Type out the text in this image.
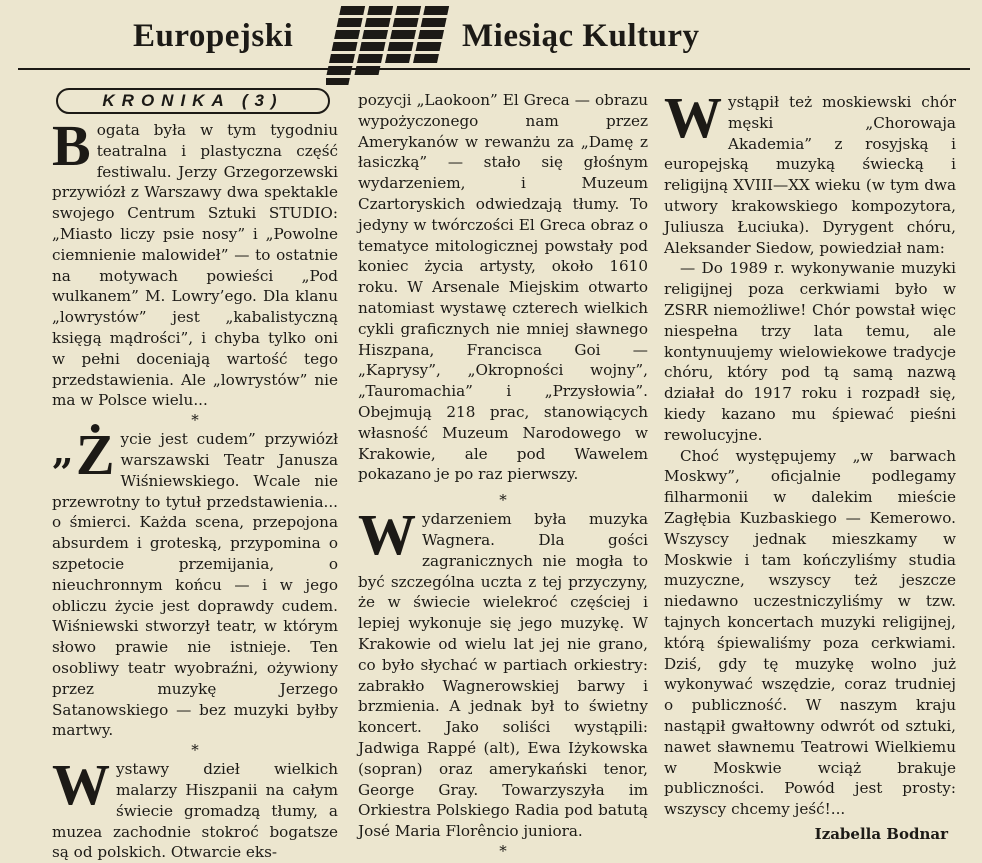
Europejski	Miesiąc Kultury
KRONIKA (3)

Bogata była w tym tygodniu teatralna i plastyczna część festiwalu. Jerzy Grzegorzewski przywiózł z Warszawy dwa spektakle swojego Centrum Sztuki STUDIO: „Miasto liczy psie nosy” i „Powolne ciemnienie malowideł” — to ostatnie na motywach powieści „Pod wulkanem” M. Lowry’ego. Dla klanu „lowrystów” jest „kabalistyczną księgą mądrości”, i chyba tylko oni w pełni doceniają wartość tego przedstawienia. Ale „lowrystów” nie ma w Polsce wielu...

*

„ Ż ycie jest cudem” przywiózł warszawski Teatr Janusza Wiśniewskiego. Wcale nie przewrotny to tytuł przedstawienia... o śmierci. Każda scena, przepojona absurdem i groteską, przypomina o szpetocie przemijania, o nieuchronnym końcu — i w jego obliczu życie jest doprawdy cudem. Wiśniewski stworzył teatr, w którym słowo prawie nie istnieje. Ten osobliwy teatr wyobraźni, ożywiony przez muzykę Jerzego Satanowskiego — bez muzyki byłby martwy.

*

Wystawy dzieł wielkich malarzy Hiszpanii na całym świecie gromadzą tłumy, a muzea zachodnie stokroć bogatsze są od polskich. Otwarcie eks-

pozycji „Laokoon” El Greca — obrazu wypożyczonego nam przez Amerykanów w rewanżu za „Damę z łasiczką” — stało się głośnym wydarzeniem, i Muzeum Czartoryskich odwiedzają tłumy. To jedyny w twórczości El Greca obraz o tematyce mitologicznej powstały pod koniec życia artysty, około 1610 roku. W Arsenale Miejskim otwarto natomiast wystawę czterech wielkich cykli graficznych nie mniej sławnego Hiszpana, Francisca Goi — „Kaprysy”, „Okropności wojny”, „Tauromachia” i „Przysłowia”. Obejmują 218 prac, stanowiących własność Muzeum Narodowego w Krakowie, ale pod Wawelem pokazano je po raz pierwszy.

*

Wydarzeniem była muzyka Wagnera. Dla gości zagranicznych nie mogła to być szczególna uczta z tej przyczyny, że w świecie wielekroć częściej i lepiej wykonuje się jego muzykę. W Krakowie od wielu lat jej nie grano, co było słychać w partiach orkiestry: zabrakło Wagnerowskiej barwy i brzmienia. A jednak był to świetny koncert. Jako soliści wystąpili: Jadwiga Rappé (alt), Ewa Iżykowska (sopran) oraz amerykański tenor, George Gray. Towarzyszyła im Orkiestra Polskiego Radia pod batutą José Maria Florêncio juniora.

*

Wystąpił też moskiewski chór męski „Chorowaja Akademia” z rosyjską i europejską muzyką świecką i religijną XVIII—XX wieku (w tym dwa utwory krakowskiego kompozytora, Juliusza Łuciuka). Dyrygent chóru, Aleksander Siedow, powiedział nam:

— Do 1989 r. wykonywanie muzyki religijnej poza cerkwiami było w ZSRR niemożliwe! Chór powstał więc niespełna trzy lata temu, ale kontynuujemy wielowiekowe tradycje chóru, który pod tą samą nazwą działał do 1917 roku i rozpadł się, kiedy kazano mu śpiewać pieśni rewolucyjne.

Choć występujemy „w barwach Moskwy”, oficjalnie podlegamy filharmonii w dalekim mieście Zagłębia Kuzbaskiego — Kemerowo. Wszyscy jednak mieszkamy w Moskwie i tam kończyliśmy studia muzyczne, wszyscy też jeszcze niedawno uczestniczyliśmy w tzw. tajnych koncertach muzyki religijnej, którą śpiewaliśmy poza cerkwiami. Dziś, gdy tę muzykę wolno już wykonywać wszędzie, coraz trudniej o publiczność. W naszym kraju nastąpił gwałtowny odwrót od sztuki, nawet sławnemu Teatrowi Wielkiemu w Moskwie wciąż brakuje publiczności. Powód jest prosty: wszyscy chcemy jeść!...

Izabella Bodnar
